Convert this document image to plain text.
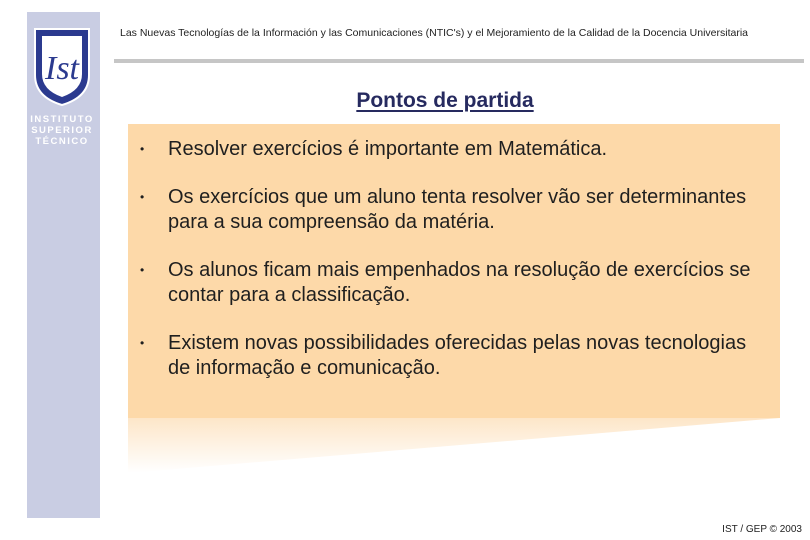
Ist
INSTITUTO
SUPERIOR
TÉCNICO
Las Nuevas Tecnologías de la Información y las Comunicaciones (NTIC's) y el Mejoramiento de la Calidad de la Docencia Universitaria
Pontos de partida
• Resolver exercícios é importante em Matemática.
• Os exercícios que um aluno tenta resolver vão ser determinantes para a sua compreensão da matéria.
• Os alunos ficam mais empenhados na resolução de exercícios se contar para a classificação.
• Existem novas possibilidades oferecidas pelas novas tecnologias de informação e comunicação.
IST / GEP © 2003
